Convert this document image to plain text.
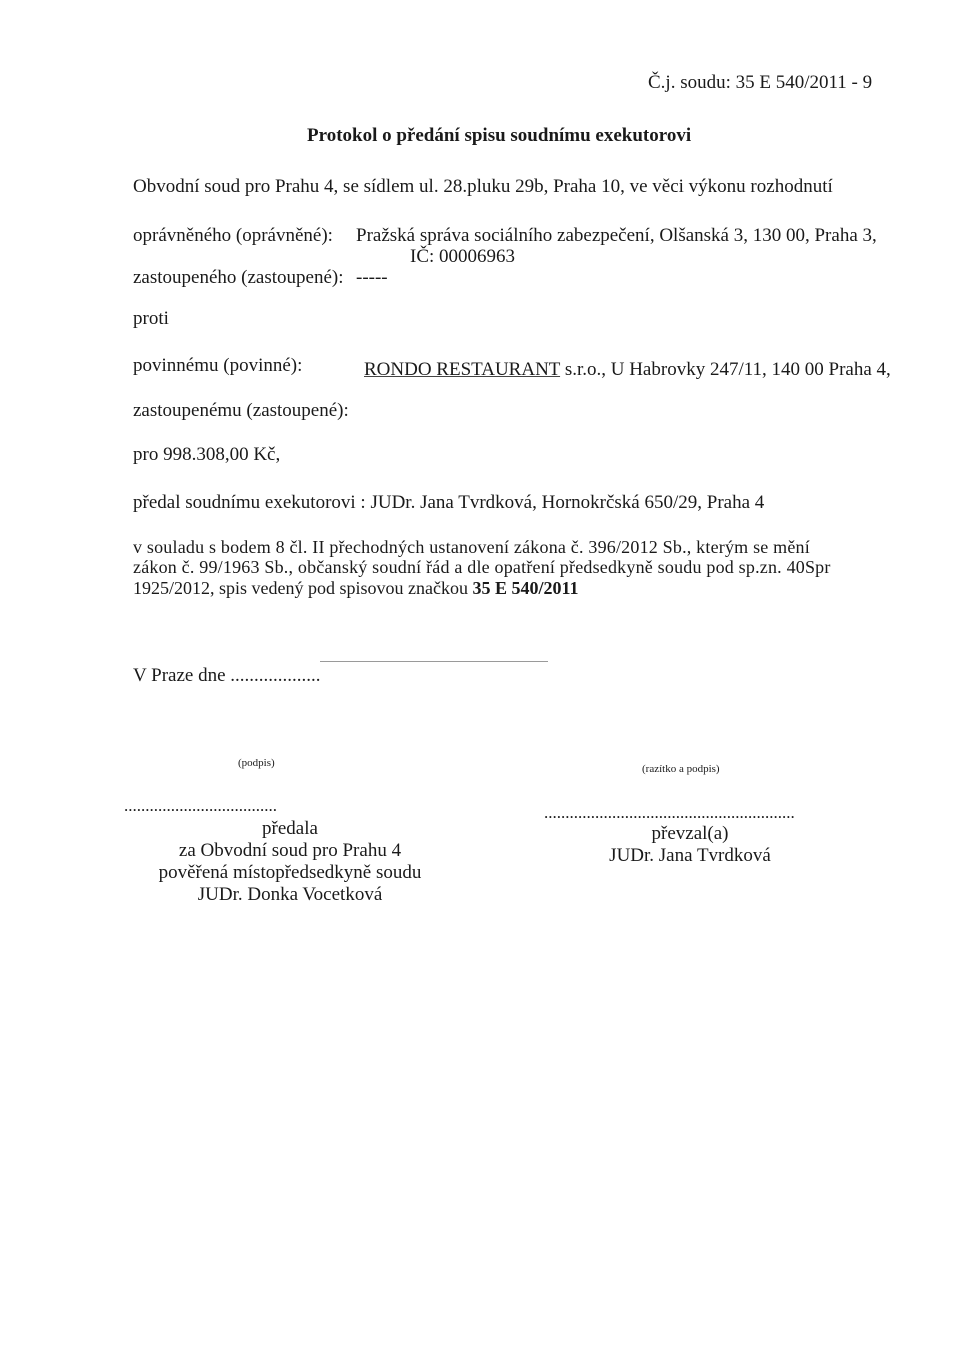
Č.j. soudu: 35 E 540/2011 - 9
Protokol o předání spisu soudnímu exekutorovi
Obvodní soud pro Prahu 4, se sídlem ul. 28.pluku 29b, Praha 10, ve věci výkonu rozhodnutí
oprávněného (oprávněné): Pražská správa sociálního zabezpečení, Olšanská 3, 130 00, Praha 3,
IČ: 00006963
zastoupeného (zastoupené): -----
proti
povinnému (povinné):	RONDO RESTAURANT s.r.o., U Habrovky 247/11, 140 00 Praha 4,
zastoupenému (zastoupené):
pro 998.308,00 Kč,
předal soudnímu exekutorovi : JUDr. Jana Tvrdková, Hornokrčská 650/29, Praha 4
v souladu s bodem 8 čl. II přechodných ustanovení zákona č. 396/2012 Sb., kterým se mění
zákon č. 99/1963 Sb., občanský soudní řád a dle opatření předsedkyně soudu pod sp.zn. 40Spr
1925/2012, spis vedený pod spisovou značkou 35 E 540/2011
V Praze dne ...................
(podpis)	(razítko a podpis)
....................................	...........................................................
předala
za Obvodní soud pro Prahu 4
pověřená místopředsedkyně soudu
JUDr. Donka Vocetková
převzal(a)
JUDr. Jana Tvrdková
